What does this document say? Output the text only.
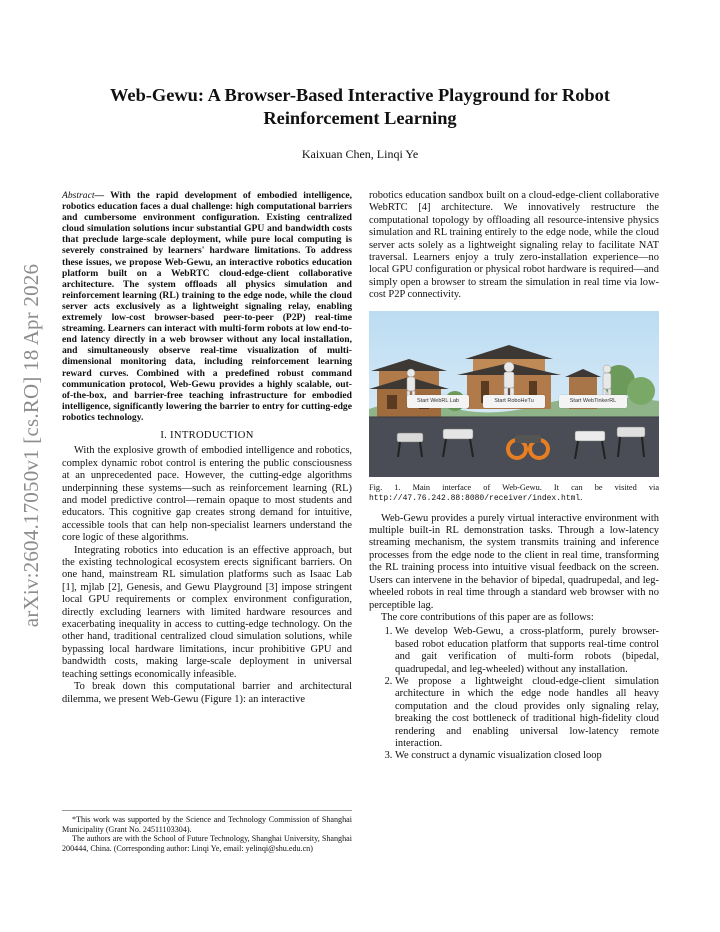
arXiv:2604.17050v1 [cs.RO] 18 Apr 2026
Web-Gewu: A Browser-Based Interactive Playground for Robot Reinforcement Learning
Kaixuan Chen, Linqi Ye

Abstract— With the rapid development of embodied intelligence, robotics education faces a dual challenge: high computational barriers and cumbersome environment configuration. Existing centralized cloud simulation solutions incur substantial GPU and bandwidth costs that preclude large-scale deployment, while pure local computing is severely constrained by learners' hardware limitations. To address these issues, we propose Web-Gewu, an interactive robotics education platform built on a WebRTC cloud-edge-client collaborative architecture. The system offloads all physics simulation and reinforcement learning (RL) training to the edge node, while the cloud server acts exclusively as a lightweight signaling relay, enabling extremely low-cost browser-based peer-to-peer (P2P) real-time streaming. Learners can interact with multi-form robots at low end-to-end latency directly in a web browser without any local installation, and simultaneously observe real-time visualization of multi-dimensional monitoring data, including reinforcement learning reward curves. Combined with a predefined robust command communication protocol, Web-Gewu provides a highly scalable, out-of-the-box, and barrier-free teaching infrastructure for embodied intelligence, significantly lowering the barrier to entry for cutting-edge robotics technology.

I. INTRODUCTION

With the explosive growth of embodied intelligence and robotics, complex dynamic robot control is entering the public consciousness at an unprecedented pace. However, the cutting-edge algorithms underpinning these systems—such as reinforcement learning (RL) and model predictive control—remain opaque to most students and educators. This cognitive gap creates strong demand for intuitive, accessible tools that can help non-specialist learners understand the core logic of these algorithms.

Integrating robotics into education is an effective approach, but the existing technological ecosystem erects significant barriers. On one hand, mainstream RL simulation platforms such as Isaac Lab [1], mjlab [2], Genesis, and Gewu Playground [3] impose stringent local GPU requirements or complex environment configuration, directly excluding learners with limited hardware resources and exacerbating inequality in access to cutting-edge technology. On the other hand, traditional centralized cloud simulation solutions, while bypassing local hardware limitations, incur prohibitive GPU and bandwidth costs, making large-scale deployment in universal teaching settings economically infeasible.

To break down this computational barrier and architectural dilemma, we present Web-Gewu (Figure 1): an interactive

*This work was supported by the Science and Technology Commission of Shanghai Municipality (Grant No. 24511103304).

The authors are with the School of Future Technology, Shanghai University, Shanghai 200444, China. (Corresponding author: Linqi Ye, email: yelinqi@shu.edu.cn)

robotics education sandbox built on a cloud-edge-client collaborative WebRTC [4] architecture. We innovatively restructure the computational topology by offloading all resource-intensive physics simulation and RL training entirely to the edge node, while the cloud server acts solely as a lightweight signaling relay to facilitate NAT traversal. Learners enjoy a truly zero-installation experience—no local GPU configuration or physical robot hardware is required—and simply open a browser to stream the simulation in real time via low-cost P2P connectivity.

Start WebRL Lab	Start RoboHeTu	Start WebTinkerRL

Fig. 1. Main interface of Web-Gewu. It can be visited via http://47.76.242.88:8080/receiver/index.html.

Web-Gewu provides a purely virtual interactive environment with multiple built-in RL demonstration tasks. Through a low-latency streaming mechanism, the system transmits training and inference processes from the edge node to the client in real time, transforming the RL training process into intuitive visual feedback on the screen. Users can intervene in the behavior of bipedal, quadrupedal, and leg-wheeled robots in real time through a standard web browser with no perceptible lag.

The core contributions of this paper are as follows:

1. We develop Web-Gewu, a cross-platform, purely browser-based robot education platform that supports real-time control and gait verification of multi-form robots (bipedal, quadrupedal, and leg-wheeled) without any installation.
2. We propose a lightweight cloud-edge-client simulation architecture in which the edge node handles all heavy computation and the cloud provides only signaling relay, breaking the cost bottleneck of traditional high-fidelity cloud rendering and enabling universal low-latency remote interaction.
3. We construct a dynamic visualization closed loop
